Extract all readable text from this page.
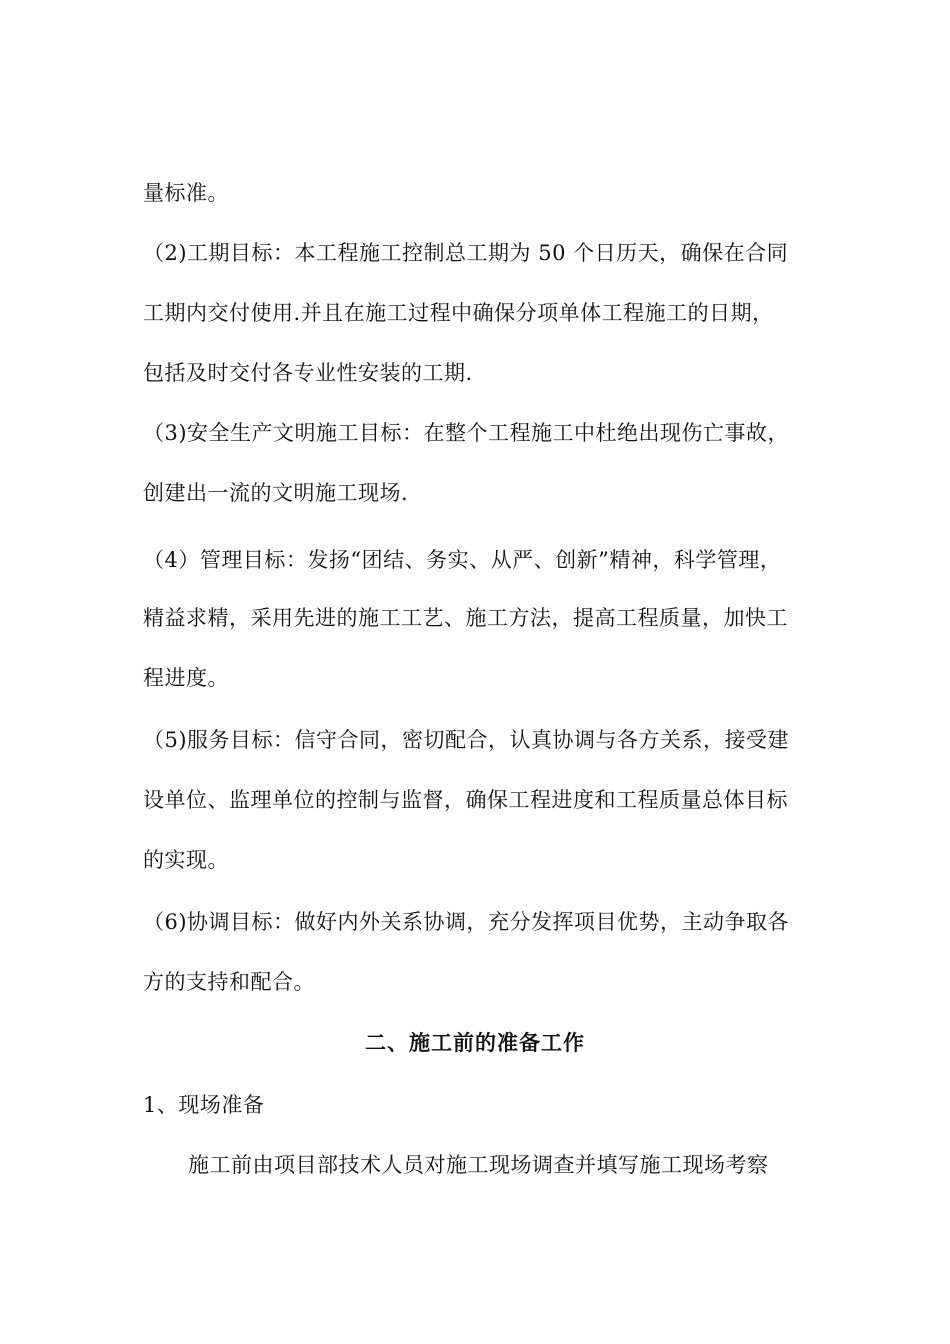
量标准。
（2)工期目标：本工程施工控制总工期为 50 个日历天，确保在合同
工期内交付使用.并且在施工过程中确保分项单体工程施工的日期，
包括及时交付各专业性安装的工期.
（3)安全生产文明施工目标：在整个工程施工中杜绝出现伤亡事故，
创建出一流的文明施工现场.
（4）管理目标：发扬“团结、务实、从严、创新”精神，科学管理，
精益求精，采用先进的施工工艺、施工方法，提高工程质量，加快工
程进度。
（5)服务目标：信守合同，密切配合，认真协调与各方关系，接受建
设单位、监理单位的控制与监督，确保工程进度和工程质量总体目标
的实现。
（6)协调目标：做好内外关系协调，充分发挥项目优势，主动争取各
方的支持和配合。
二、施工前的准备工作
1、现场准备
施工前由项目部技术人员对施工现场调查并填写施工现场考察
